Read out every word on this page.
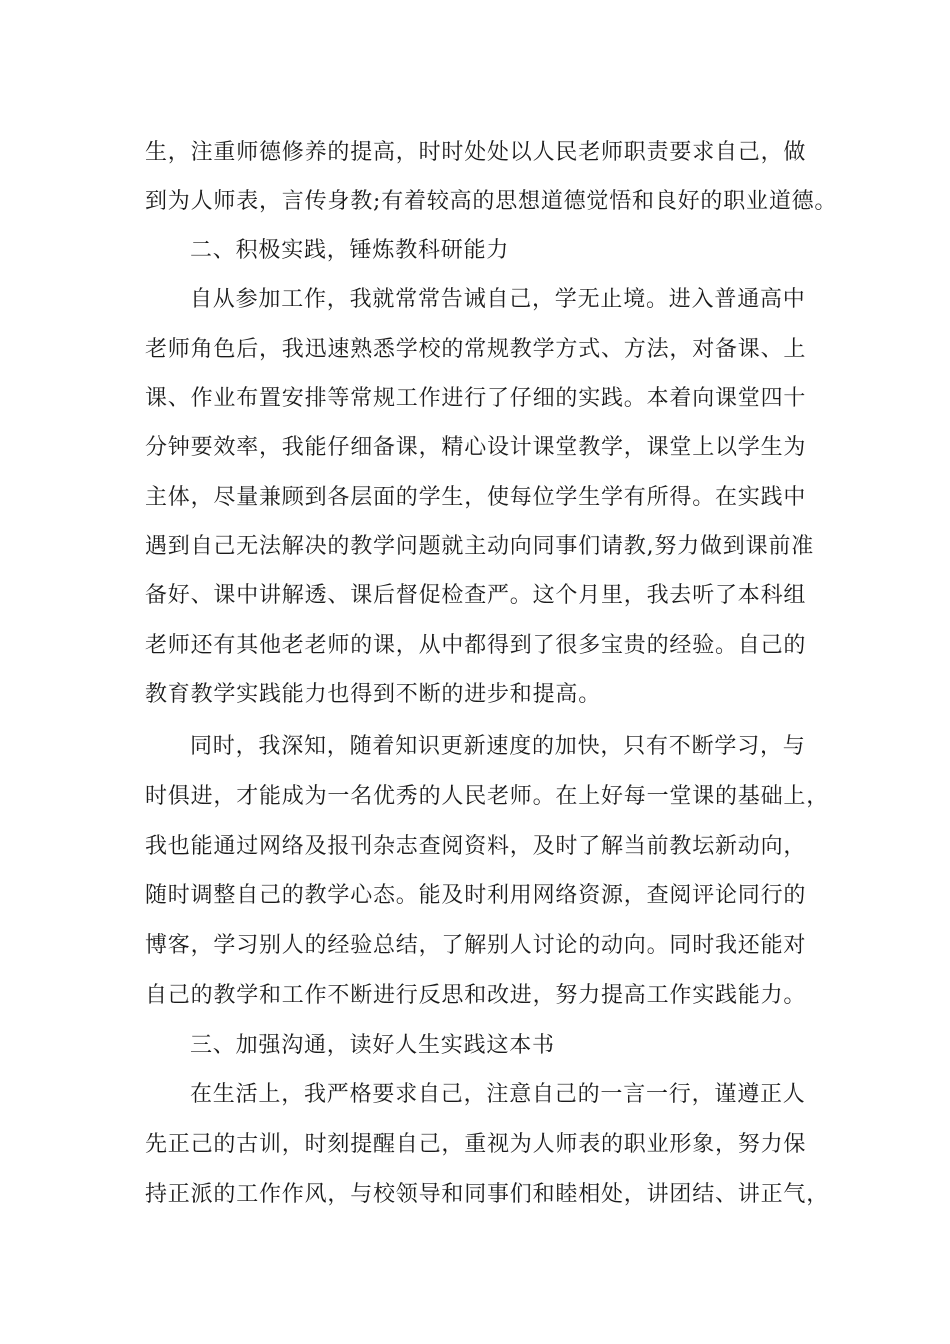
生，注重师德修养的提高，时时处处以人民老师职责要求自己，做

到为人师表，言传身教;有着较高的思想道德觉悟和良好的职业道德。

二、积极实践，锤炼教科研能力

自从参加工作，我就常常告诫自己，学无止境。进入普通高中

老师角色后，我迅速熟悉学校的常规教学方式、方法，对备课、上

课、作业布置安排等常规工作进行了仔细的实践。本着向课堂四十

分钟要效率，我能仔细备课，精心设计课堂教学，课堂上以学生为

主体，尽量兼顾到各层面的学生，使每位学生学有所得。在实践中

遇到自己无法解决的教学问题就主动向同事们请教,努力做到课前准

备好、课中讲解透、课后督促检查严。这个月里，我去听了本科组

老师还有其他老老师的课，从中都得到了很多宝贵的经验。自己的

教育教学实践能力也得到不断的进步和提高。

同时，我深知，随着知识更新速度的加快，只有不断学习，与

时俱进，才能成为一名优秀的人民老师。在上好每一堂课的基础上，

我也能通过网络及报刊杂志查阅资料，及时了解当前教坛新动向，

随时调整自己的教学心态。能及时利用网络资源，查阅评论同行的

博客，学习别人的经验总结，了解别人讨论的动向。同时我还能对

自己的教学和工作不断进行反思和改进，努力提高工作实践能力。

三、加强沟通，读好人生实践这本书

在生活上，我严格要求自己，注意自己的一言一行，谨遵正人

先正己的古训，时刻提醒自己，重视为人师表的职业形象，努力保

持正派的工作作风，与校领导和同事们和睦相处，讲团结、讲正气，
